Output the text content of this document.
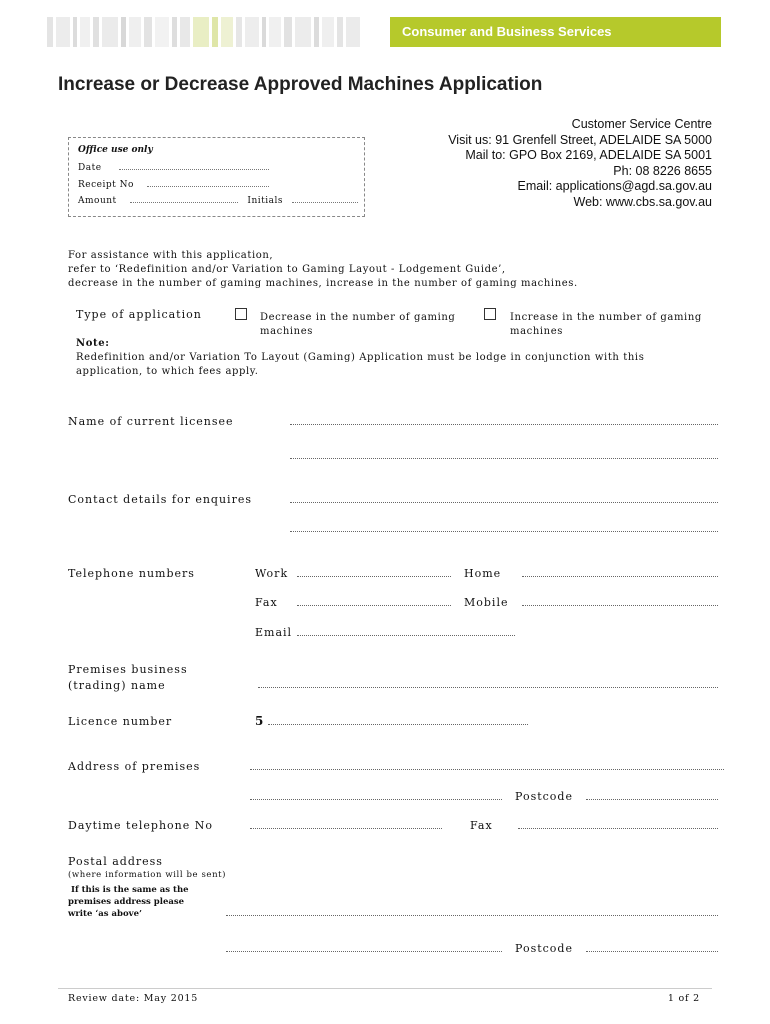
Consumer and Business Services
Increase or Decrease Approved Machines Application
Office use only
Date
Receipt No
Amount	Initials
Customer Service Centre
Visit us: 91 Grenfell Street, ADELAIDE SA 5000
Mail to: GPO Box 2169, ADELAIDE SA 5001
Ph: 08 8226 8655
Email: applications@agd.sa.gov.au
Web: www.cbs.sa.gov.au
For assistance with this application,
refer to ‘Redefinition and/or Variation to Gaming Layout - Lodgement Guide’,
decrease in the number of gaming machines, increase in the number of gaming machines.
Type of application	Decrease in the number of gaming
machines
Increase in the number of gaming
machines
Note:
Redefinition and/or Variation To Layout (Gaming) Application must be lodge in conjunction with this
application, to which fees apply.
Name of current licensee
Contact details for enquires
Telephone numbers	Work	Home
Fax	Mobile
Email
Premises business
(trading) name
Licence number	5
Address of premises
Postcode
Daytime telephone No	Fax
Postal address
(where information will be sent)
If this is the same as the
premises address please
write ‘as above’
Postcode
Review date: May 2015	1 of 2
